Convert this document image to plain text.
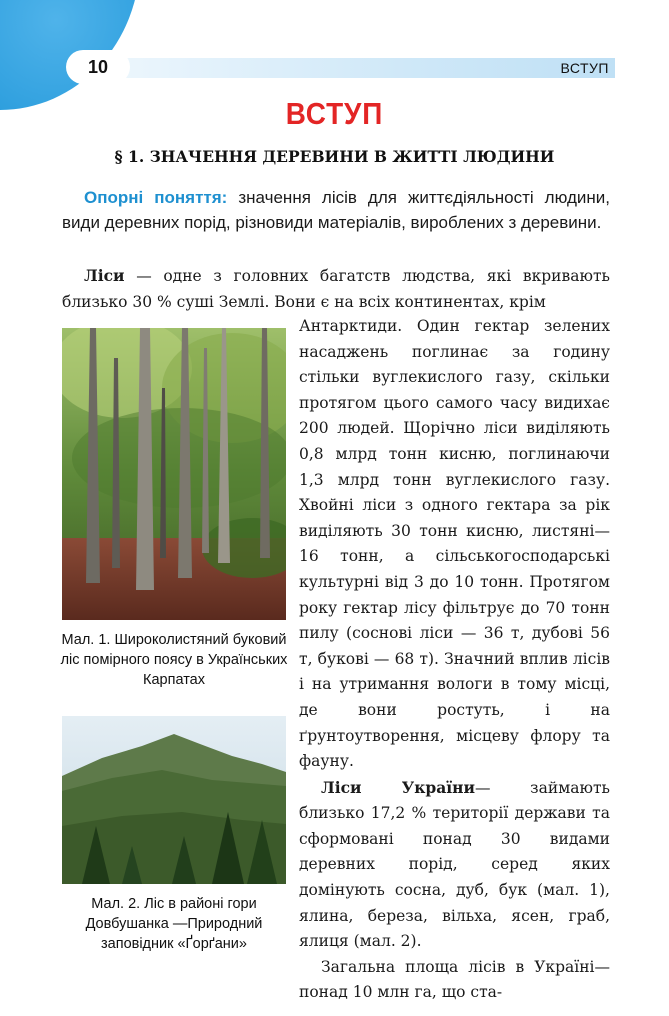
10	ВСТУП
ВСТУП
§ 1. ЗНАЧЕННЯ ДЕРЕВИНИ В ЖИТТІ ЛЮДИНИ
Опорні поняття: значення лісів для життєдіяльності людини, види деревних порід, різновиди матеріалів, вироблених з деревини.
Ліси — одне з головних багатств людства, які вкривають близько 30 % суші Землі. Вони є на всіх континентах, крім

Антарктиди. Один гектар зелених насаджень поглинає за годину стільки вуглекислого газу, скільки протягом цього самого часу видихає 200 людей. Щорічно ліси виділяють 0,8 млрд тонн кисню, поглинаючи 1,3 млрд тонн вуглекислого газу. Хвойні ліси з одного гектара за рік виділяють 30 тонн кисню, листяні— 16 тонн, а сільськогосподарські культурні від 3 до 10 тонн. Протягом року гектар лісу фільтрує до 70 тонн пилу (соснові ліси — 36 т, дубові 56 т, букові — 68 т). Значний вплив лісів і на утримання вологи в тому місці, де вони ростуть, і на ґрунтоутворення, місцеву флору та фауну.

Ліси України— займають близько 17,2 % території держави та сформовані понад 30 видами деревних порід, серед яких домінують сосна, дуб, бук (мал. 1), ялина, береза, вільха, ясен, граб, ялиця (мал. 2).

Загальна площа лісів в Україні— понад 10 млн га, що ста-

Мал. 1. Широколистяний буковий ліс помірного поясу в Українських Карпатах
Мал. 2. Ліс в районі гори Довбушанка —Природний заповідник «Ґорґани»
